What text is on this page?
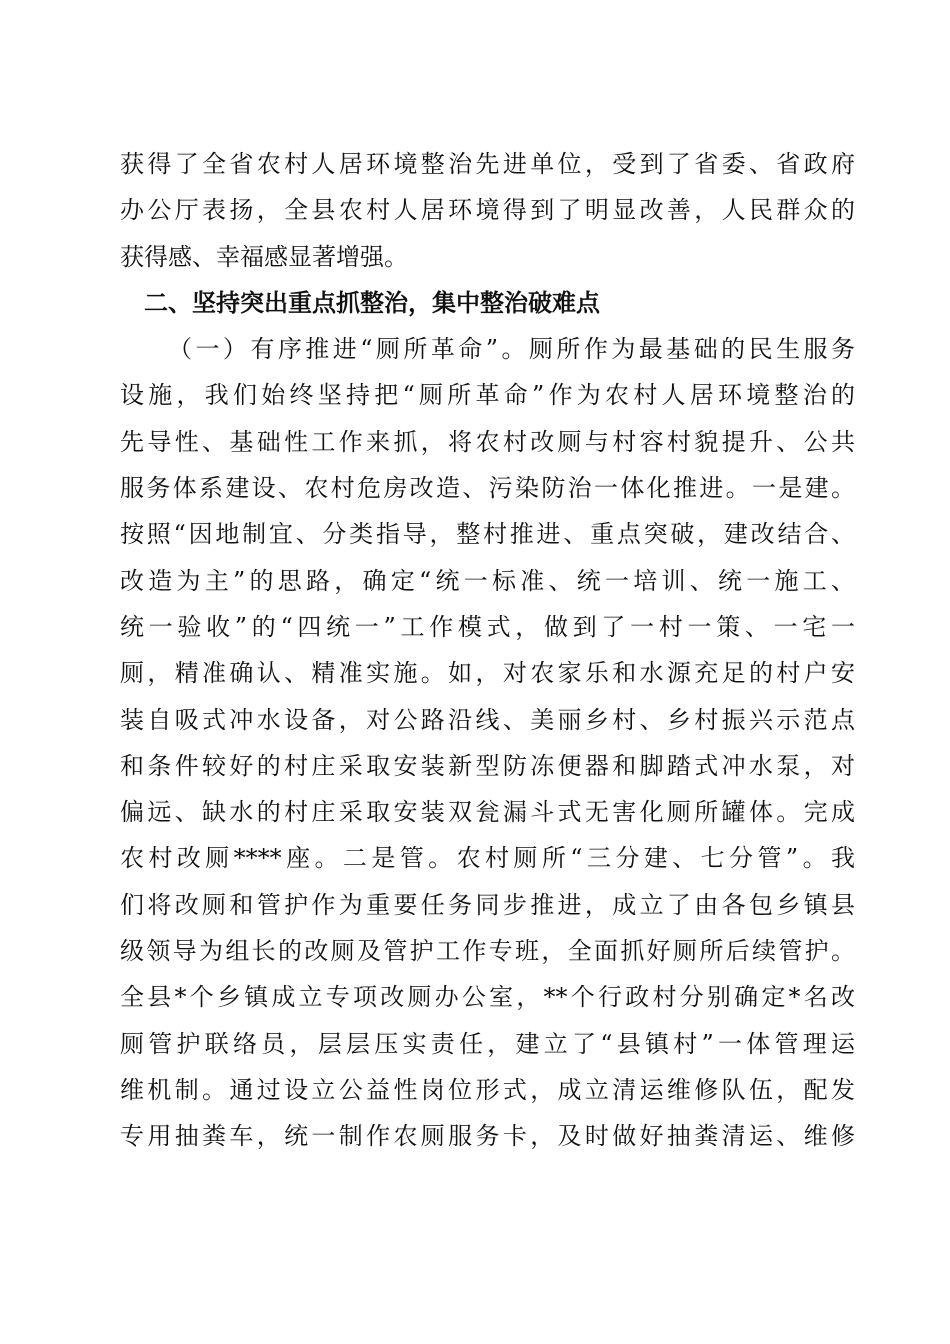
获得了全省农村人居环境整治先进单位，受到了省委、省政府
办公厅表扬，全县农村人居环境得到了明显改善，人民群众的
获得感、幸福感显著增强。
二、坚持突出重点抓整治，集中整治破难点
（一）有序推进“厕所革命”。厕所作为最基础的民生服务
设施，我们始终坚持把“厕所革命”作为农村人居环境整治的
先导性、基础性工作来抓，将农村改厕与村容村貌提升、公共
服务体系建设、农村危房改造、污染防治一体化推进。一是建。
按照“因地制宜、分类指导，整村推进、重点突破，建改结合、
改造为主”的思路，确定“统一标准、统一培训、统一施工、
统一验收”的“四统一”工作模式，做到了一村一策、一宅一
厕，精准确认、精准实施。如，对农家乐和水源充足的村户安
装自吸式冲水设备，对公路沿线、美丽乡村、乡村振兴示范点
和条件较好的村庄采取安装新型防冻便器和脚踏式冲水泵，对
偏远、缺水的村庄采取安装双瓮漏斗式无害化厕所罐体。完成
农村改厕****座。二是管。农村厕所“三分建、七分管”。我
们将改厕和管护作为重要任务同步推进，成立了由各包乡镇县
级领导为组长的改厕及管护工作专班，全面抓好厕所后续管护。
全县*个乡镇成立专项改厕办公室，**个行政村分别确定*名改
厕管护联络员，层层压实责任，建立了“县镇村”一体管理运
维机制。通过设立公益性岗位形式，成立清运维修队伍，配发
专用抽粪车，统一制作农厕服务卡，及时做好抽粪清运、维修
